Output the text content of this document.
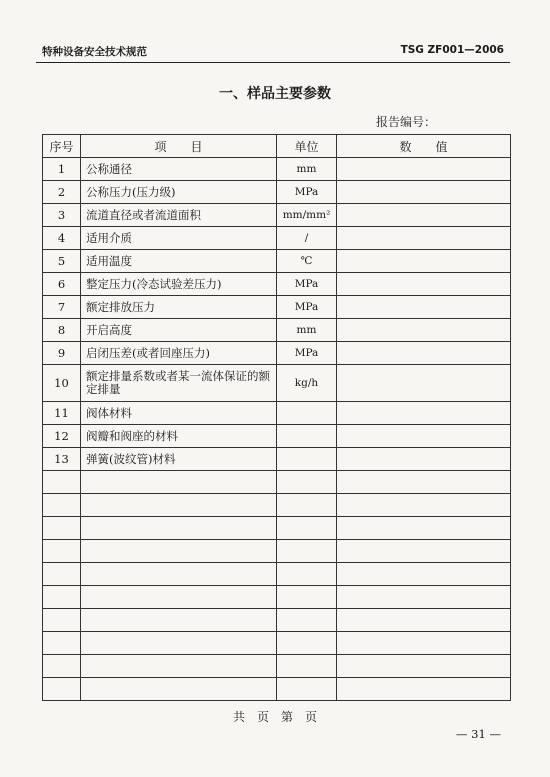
特种设备安全技术规范	TSG ZF001—2006
一、样品主要参数
报告编号：
序号	项　　目	单位	数　　值
1	公称通径	mm	
2	公称压力(压力级)	MPa	
3	流道直径或者流道面积	mm/mm²	
4	适用介质	/	
5	适用温度	℃	
6	整定压力(冷态试验差压力)	MPa	
7	额定排放压力	MPa	
8	开启高度	mm	
9	启闭压差(或者回座压力)	MPa	
10	额定排量系数或者某一流体保证的额定排量	kg/h	
11	阀体材料		
12	阀瓣和阀座的材料		
13	弹簧(波纹管)材料		

共　页　第　页
— 31 —
